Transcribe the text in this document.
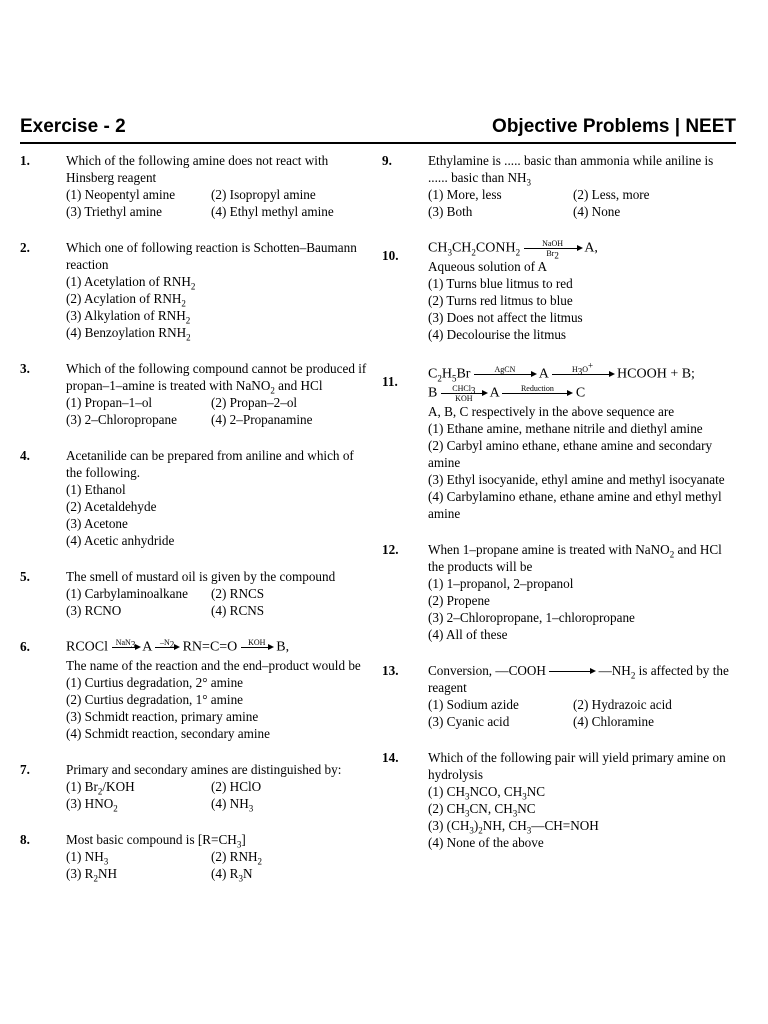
Exercise - 2	Objective Problems | NEET
1.	Which of the following amine does not react with Hinsberg reagent
(1) Neopentyl amine	(2) Isopropyl amine
(3) Triethyl amine	(4) Ethyl methyl amine
2.	Which one of following reaction is Schotten–Baumann reaction
(1) Acetylation of $RNH_2$
(2) Acylation of $RNH_2$
(3) Alkylation of $RNH_2$
(4) Benzoylation $RNH_2$
3.	Which of the following compound cannot be produced if propan–1–amine is treated with NaNO$_2$ and HCl
(1) Propan–1–ol	(2) Propan–2–ol
(3) 2–Chloropropane	(4) 2–Propanamine
4.	Acetanilide can be prepared from aniline and which of the following.
(1) Ethanol
(2) Acetaldehyde
(3) Acetone
(4) Acetic anhydride
5.	The smell of mustard oil is given by the compound
(1) Carbylaminoalkane	(2) RNCS
(3) RCNO	(4) RCNS
6.	RCOCl NaN$_3$
A	$-N_2$
RN=C=O	KOH
B,
The name of the reaction and the end–product would be
(1) Curtius degradation, 2° amine
(2) Curtius degradation, 1° amine
(3) Schmidt reaction, primary amine
(4) Schmidt reaction, secondary amine
7.	Primary and secondary amines are distinguished by:
(1) $Br_2$/KOH	(2) HClO
(3) $HNO_2$	(4) $NH_3$
8.	Most basic compound is $[R=CH_3]$
(1) $NH_3$	(2) $RNH_2$
(3) $R_2NH$	(4) $R_3N$
9.	Ethylamine is ..... basic than ammonia while aniline is ...... basic than $NH_3$
(1) More, less	(2) Less, more
(3) Both	(4) None
10. $CH_3CH_2CONH_2$
NaOH
$Br_2$	A,
Aqueous solution of A
(1) Turns blue litmus to red
(2) Turns red litmus to blue
(3) Does not affect the litmus
(4) Decolourise the litmus
11. $C_2H_5Br$	AgCN
	A	$H_3O^+$

HCOOH + B;
B	CHCl$_3$
KOH	A	Reduction
	C
A, B, C respectively in the above sequence are
(1) Ethane amine, methane nitrile and diethyl amine
(2) Carbyl amino ethane, ethane amine and secondary amine
(3) Ethyl isocyanide, ethyl amine and methyl isocyanate
(4) Carbylamino ethane, ethane amine and ethyl methyl amine
12. When 1–propane amine is treated with NaNO$_2$ and HCl the products will be
(1) 1–propanol, 2–propanol
(2) Propene
(3) 2–Chloropropane, 1–chloropropane
(4) All of these
13. Conversion, —COOH	$—NH_2$ is affected by the reagent
(1) Sodium azide	(2) Hydrazoic acid
(3) Cyanic acid	(4) Chloramine
14. Which of the following pair will yield primary amine on hydrolysis
(1) $CH_3NCO$, $CH_3NC$
(2) $CH_3CN$, $CH_3NC$
(3) $(CH_3)_2NH$, $CH_3—CH=NOH$
(4) None of the above
